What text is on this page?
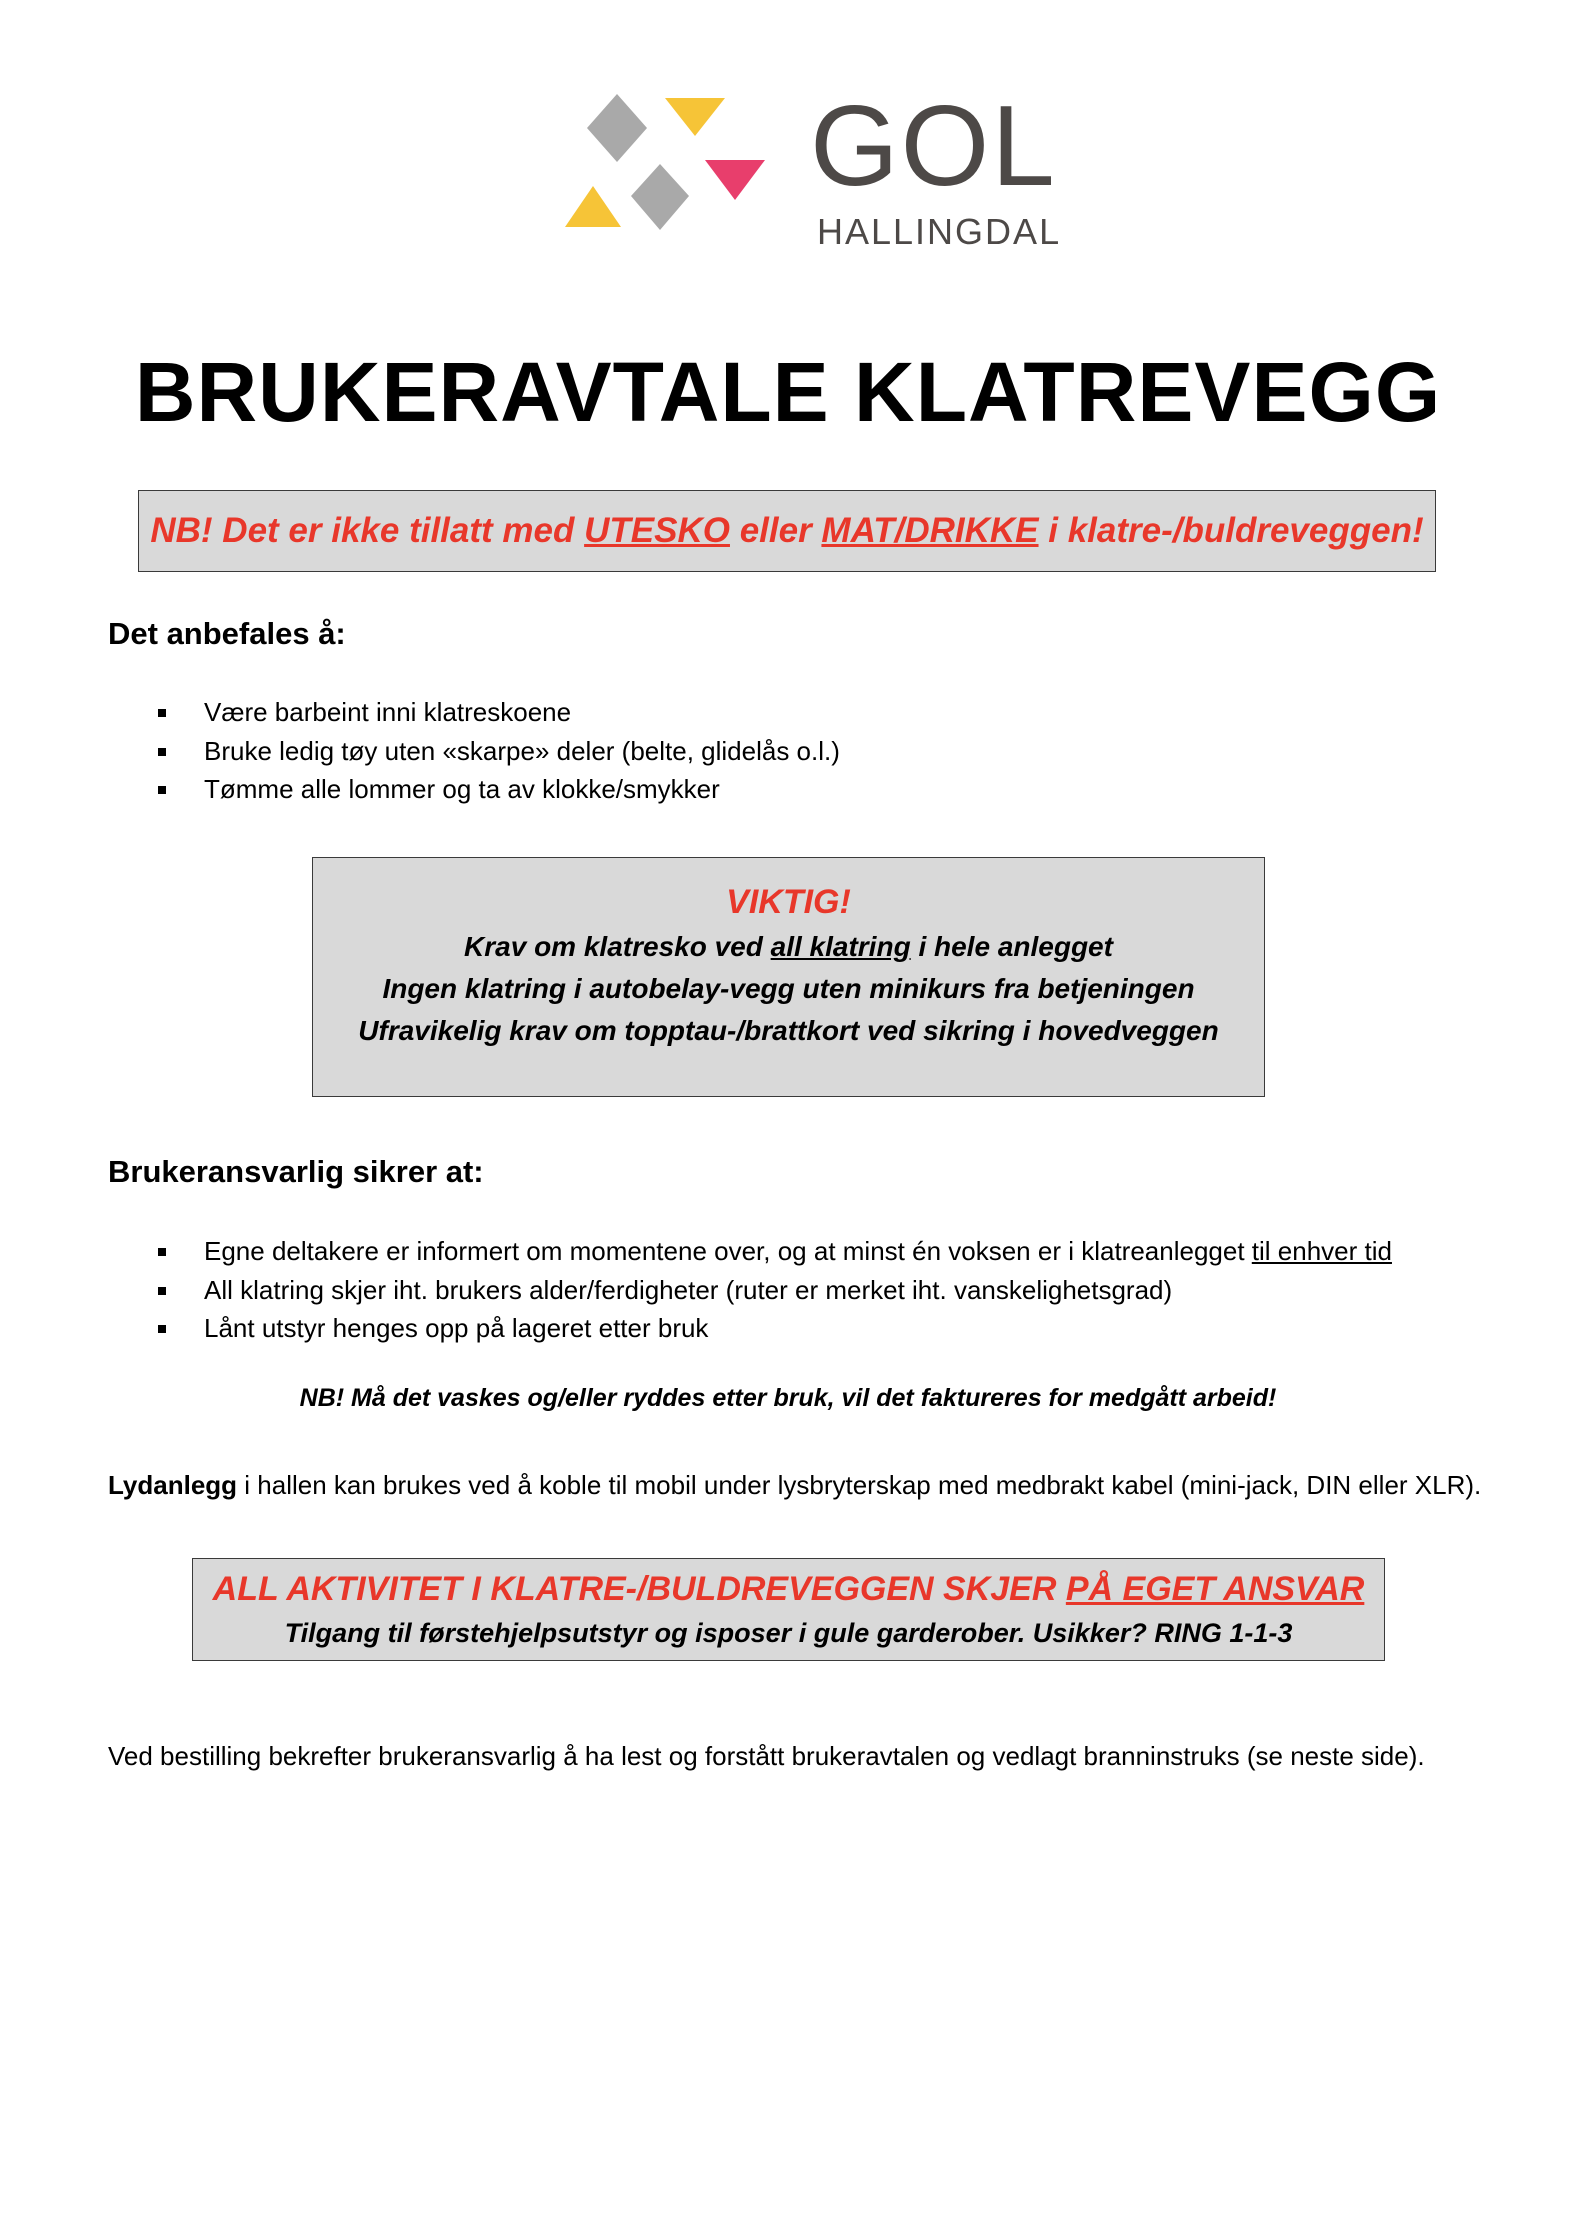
GOL
HALLINGDAL
BRUKERAVTALE KLATREVEGG
NB! Det er ikke tillatt med UTESKO eller MAT/DRIKKE i klatre-/buldreveggen!
Det anbefales å:
Være barbeint inni klatreskoene
Bruke ledig tøy uten «skarpe» deler (belte, glidelås o.l.)
Tømme alle lommer og ta av klokke/smykker
VIKTIG!
Krav om klatresko ved all klatring i hele anlegget
Ingen klatring i autobelay-vegg uten minikurs fra betjeningen
Ufravikelig krav om topptau-/brattkort ved sikring i hovedveggen
Brukeransvarlig sikrer at:
Egne deltakere er informert om momentene over, og at minst én voksen er i klatreanlegget til enhver tid
All klatring skjer iht. brukers alder/ferdigheter (ruter er merket iht. vanskelighetsgrad)
Lånt utstyr henges opp på lageret etter bruk
NB! Må det vaskes og/eller ryddes etter bruk, vil det faktureres for medgått arbeid!
Lydanlegg i hallen kan brukes ved å koble til mobil under lysbryterskap med medbrakt kabel (mini-jack, DIN eller XLR).
ALL AKTIVITET I KLATRE-/BULDREVEGGEN SKJER PÅ EGET ANSVAR
Tilgang til førstehjelpsutstyr og isposer i gule garderober. Usikker? RING 1-1-3
Ved bestilling bekrefter brukeransvarlig å ha lest og forstått brukeravtalen og vedlagt branninstruks (se neste side).
